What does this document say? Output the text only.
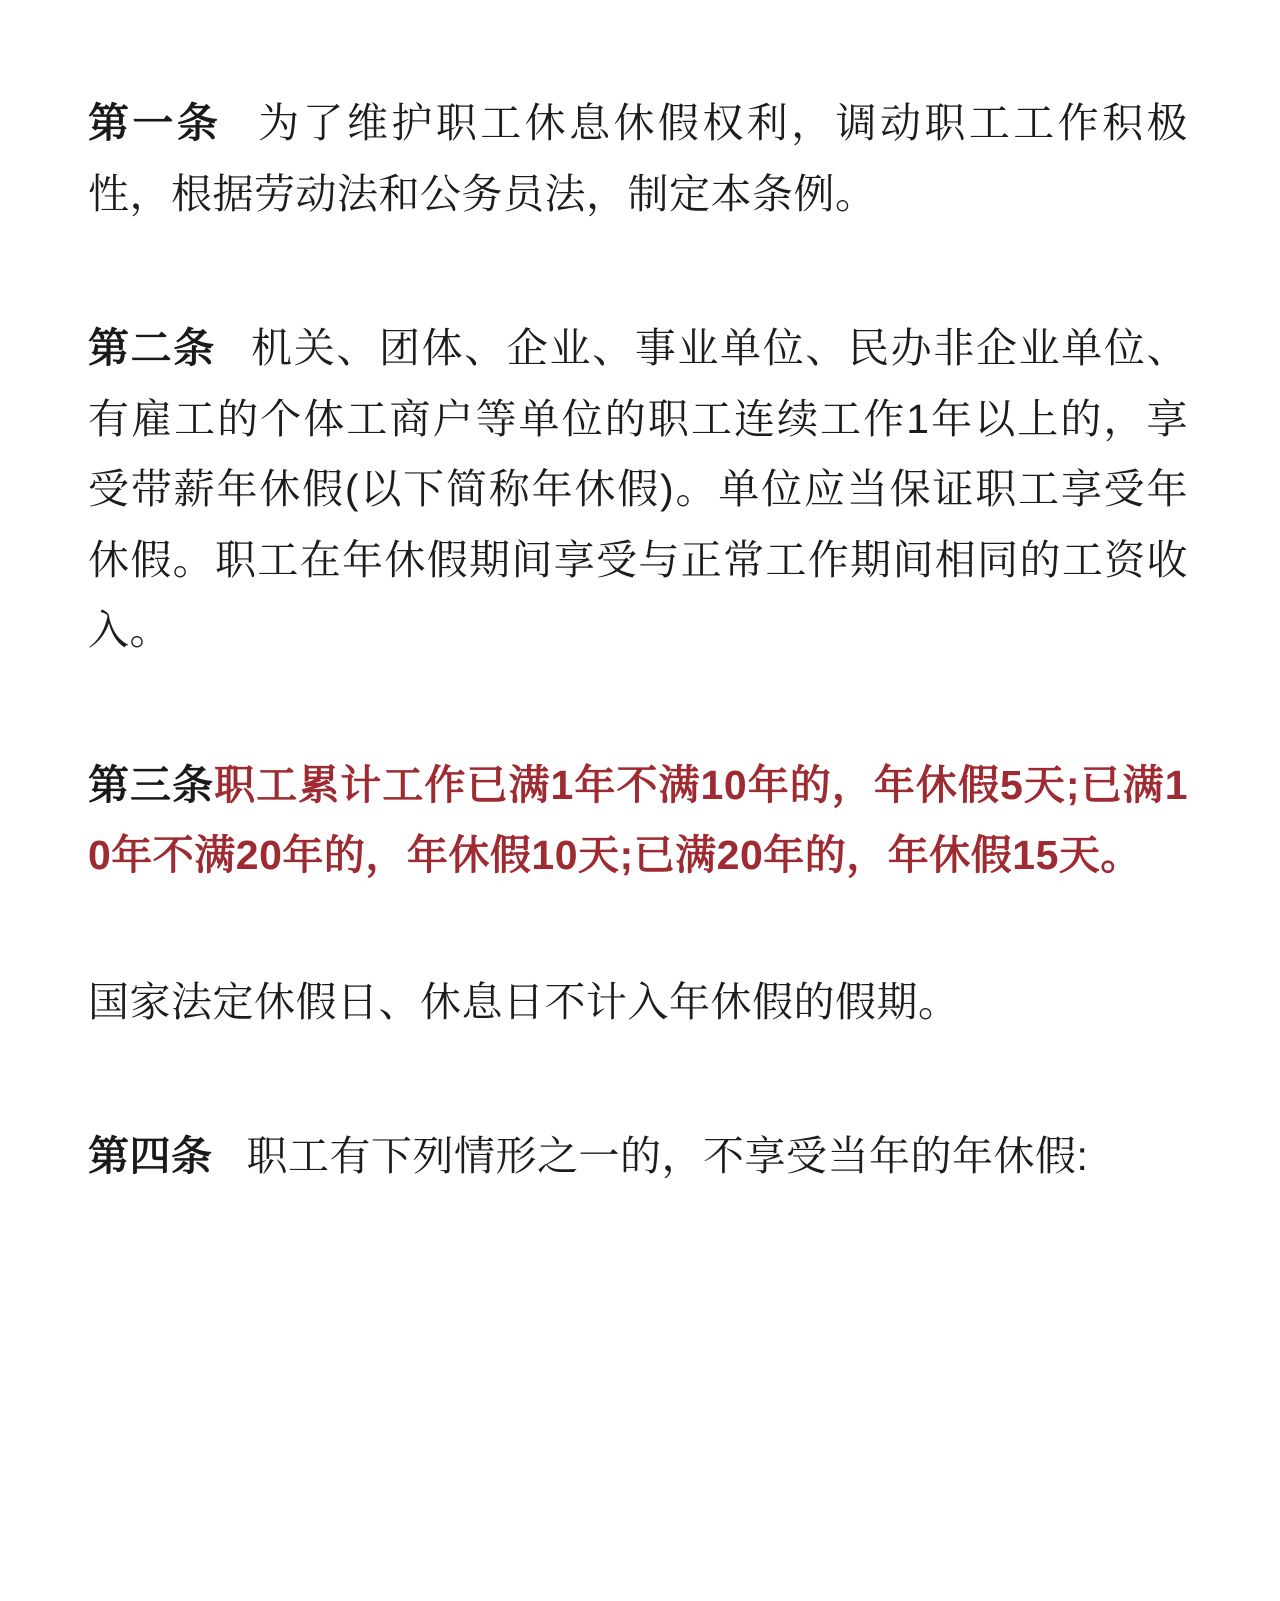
第一条 为了维护职工休息休假权利，调动职工工作积极性，根据劳动法和公务员法，制定本条例。

第二条 机关、团体、企业、事业单位、民办非企业单位、有雇工的个体工商户等单位的职工连续工作1年以上的，享受带薪年休假(以下简称年休假)。单位应当保证职工享受年休假。职工在年休假期间享受与正常工作期间相同的工资收入。

第三条职工累计工作已满1年不满10年的，年休假5天;已满10年不满20年的，年休假10天;已满20年的，年休假15天。

国家法定休假日、休息日不计入年休假的假期。

第四条 职工有下列情形之一的，不享受当年的年休假:
